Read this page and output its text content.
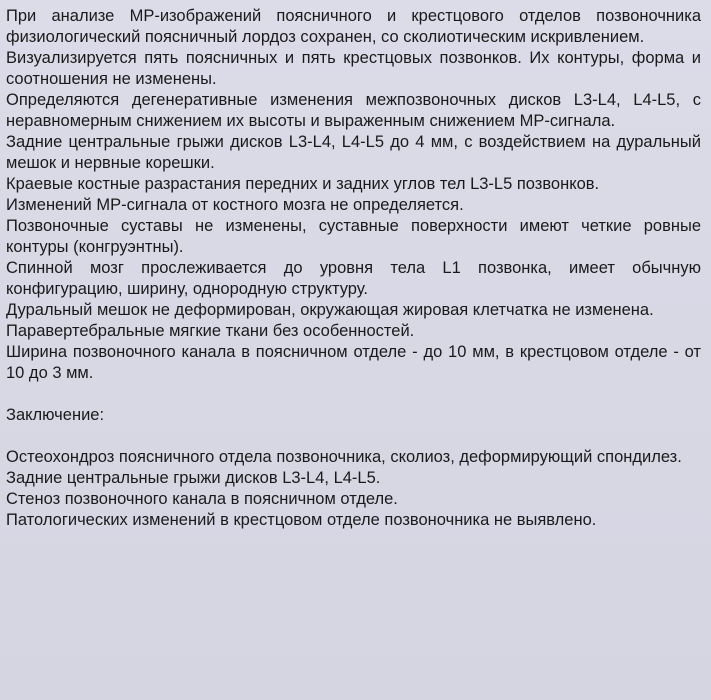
При анализе МР-изображений поясничного и крестцового отделов позвоночника физиологический поясничный лордоз сохранен, со сколиотическим искривлением.

Визуализируется пять поясничных и пять крестцовых позвонков. Их контуры, форма и соотношения не изменены.

Определяются дегенеративные изменения межпозвоночных дисков L3-L4, L4-L5, с неравномерным снижением их высоты и выраженным снижением МР-сигнала.

Задние центральные грыжи дисков L3-L4, L4-L5 до 4 мм, с воздействием на дуральный мешок и нервные корешки.

Краевые костные разрастания передних и задних углов тел L3-L5 позвонков.

Изменений МР-сигнала от костного мозга не определяется.

Позвоночные суставы не изменены, суставные поверхности имеют четкие ровные контуры (конгруэнтны).

Спинной мозг прослеживается до уровня тела L1 позвонка, имеет обычную конфигурацию, ширину, однородную структуру.

Дуральный мешок не деформирован, окружающая жировая клетчатка не изменена.

Паравертебральные мягкие ткани без особенностей.

Ширина позвоночного канала в поясничном отделе - до 10 мм, в крестцовом отделе - от 10 до 3 мм.

Заключение:

Остеохондроз поясничного отдела позвоночника, сколиоз, деформирующий спондилез.

Задние центральные грыжи дисков L3-L4, L4-L5.

Стеноз позвоночного канала в поясничном отделе.

Патологических изменений в крестцовом отделе позвоночника не выявлено.
